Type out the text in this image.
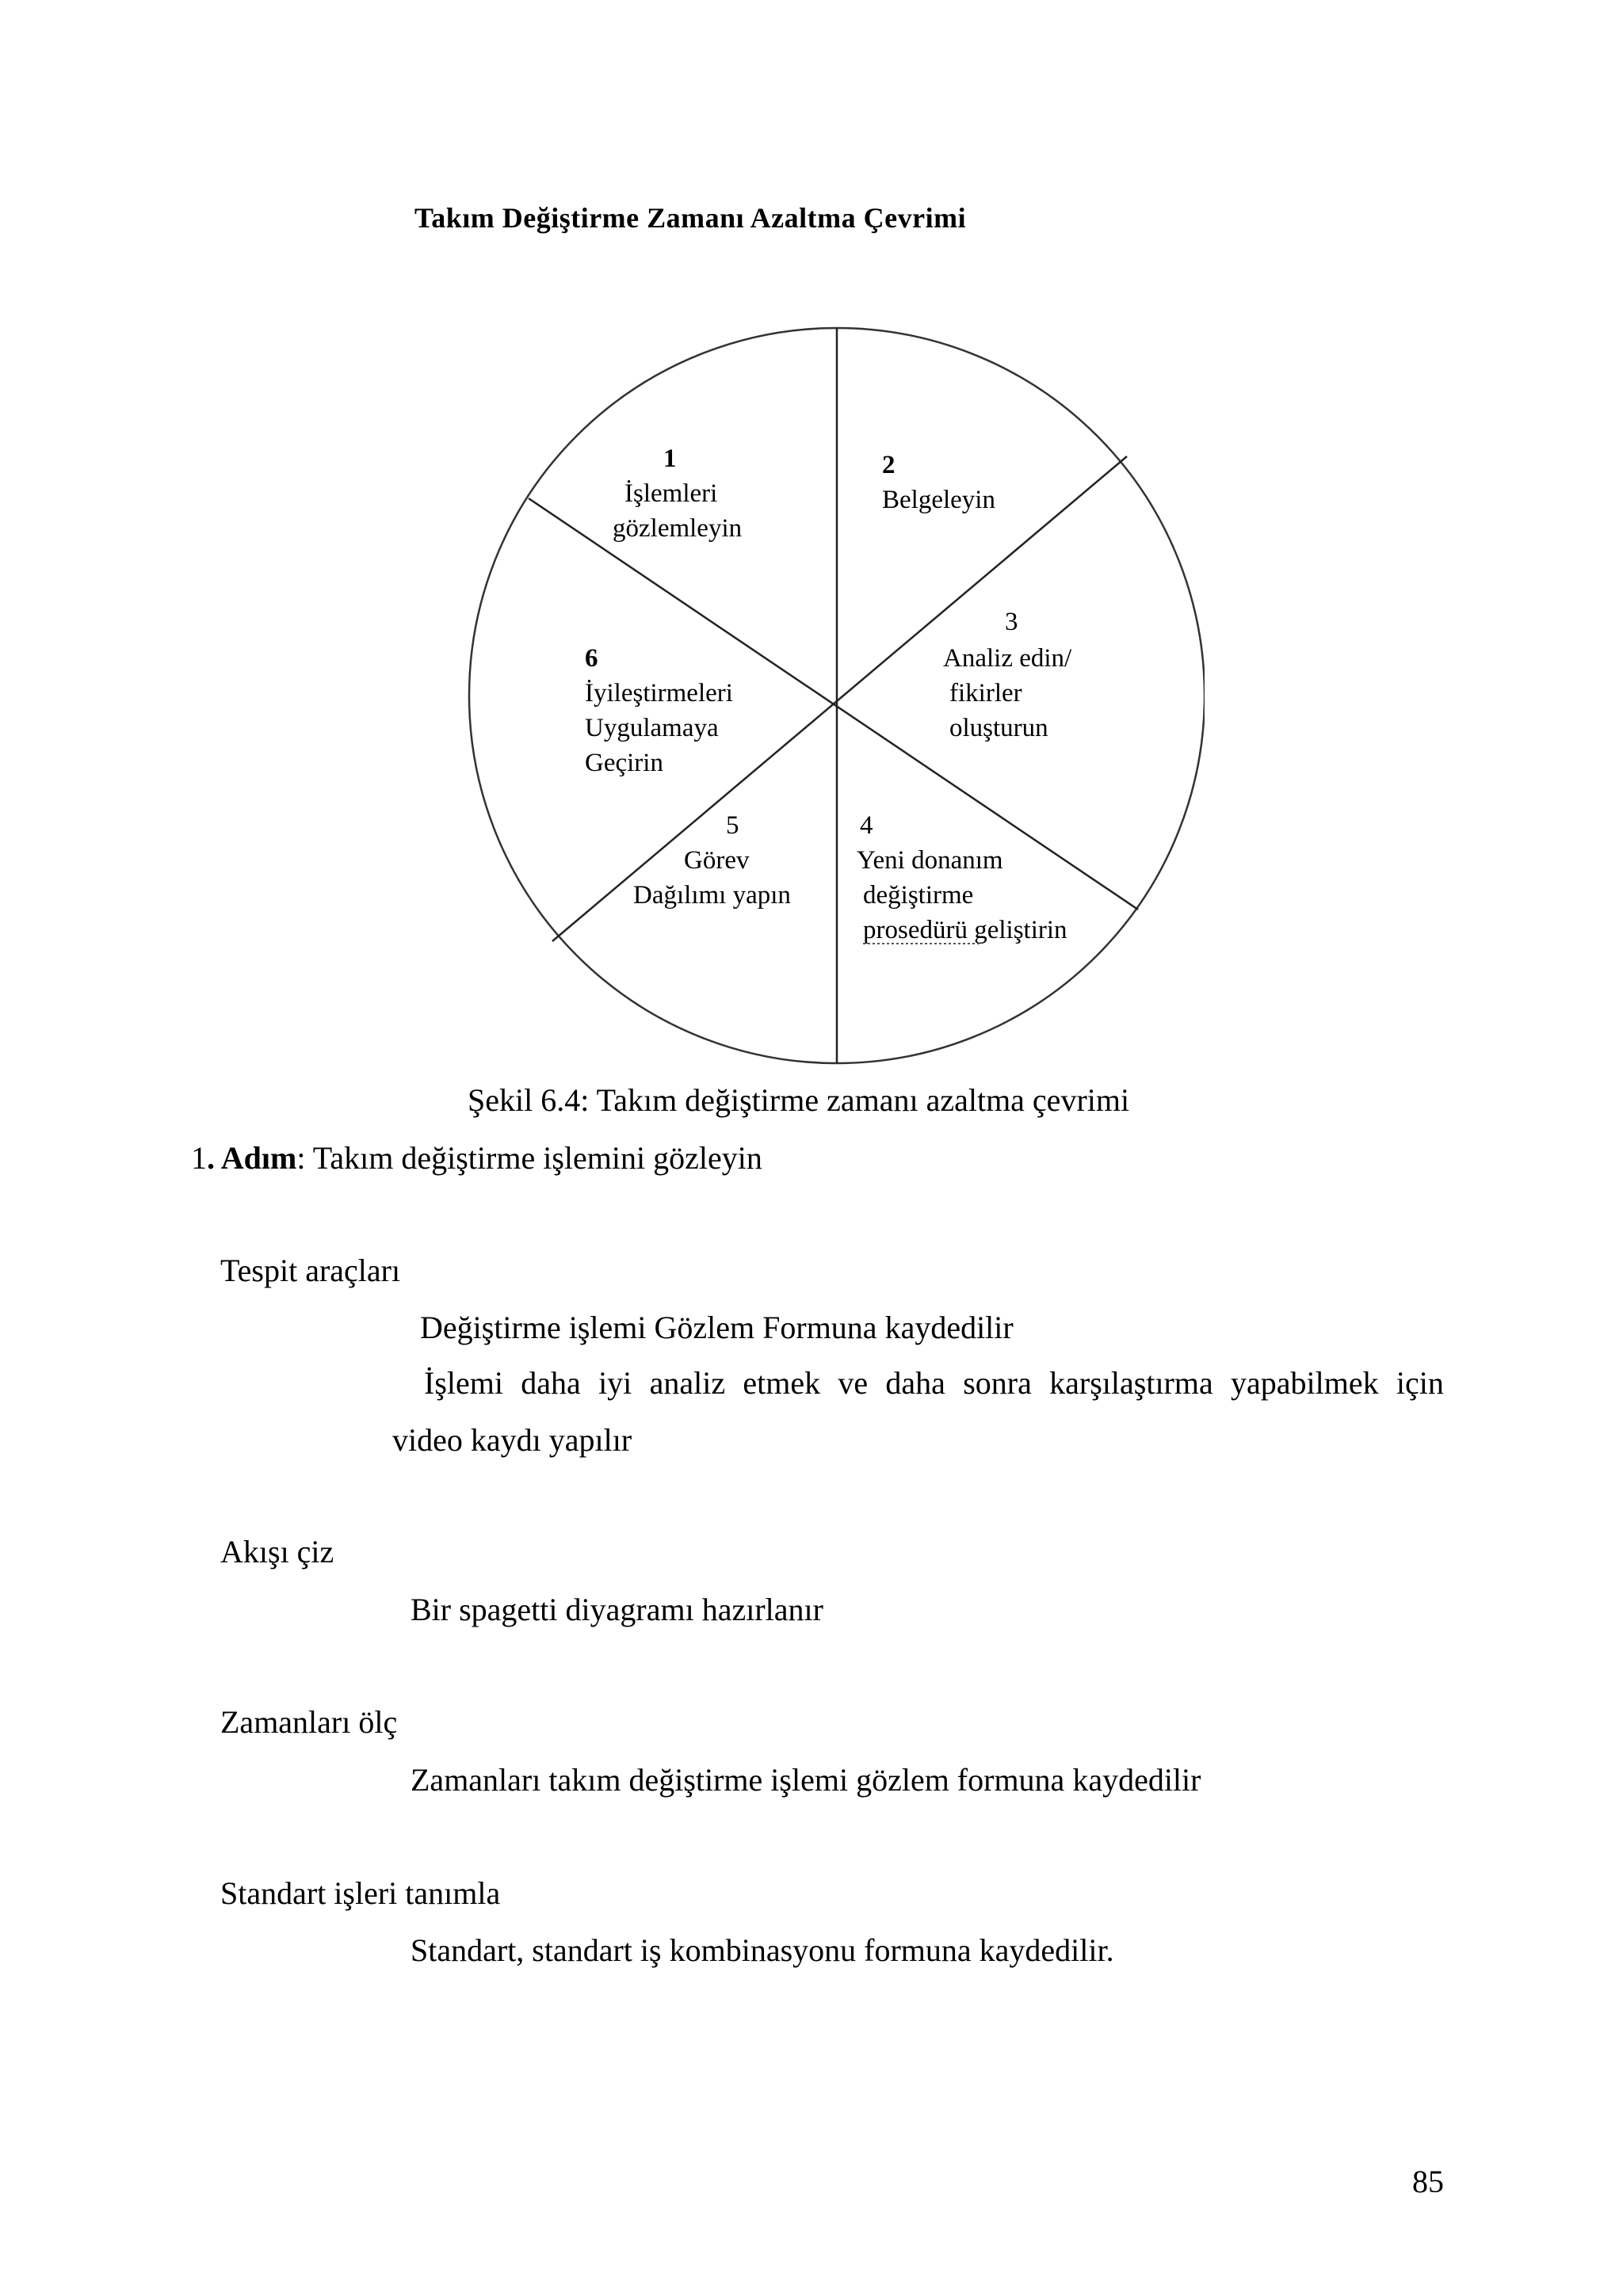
Takım Değiştirme Zamanı Azaltma Çevrimi
1
İşlemleri
gözlemleyin
2
Belgeleyin
3
Analiz edin/
fikirler
oluşturun
4
Yeni donanım
değiştirme
prosedürü geliştirin
5
Görev
Dağılımı yapın
6
İyileştirmeleri
Uygulamaya
Geçirin
Şekil 6.4: Takım değiştirme zamanı azaltma çevrimi
1. Adım: Takım değiştirme işlemini gözleyin
Tespit araçları
Değiştirme işlemi Gözlem Formuna kaydedilir
İşlemi daha iyi analiz etmek ve daha sonra karşılaştırma yapabilmek için
video kaydı yapılır
Akışı çiz
Bir spagetti diyagramı hazırlanır
Zamanları ölç
Zamanları takım değiştirme işlemi gözlem formuna kaydedilir
Standart işleri tanımla
Standart, standart iş kombinasyonu formuna kaydedilir.
85
